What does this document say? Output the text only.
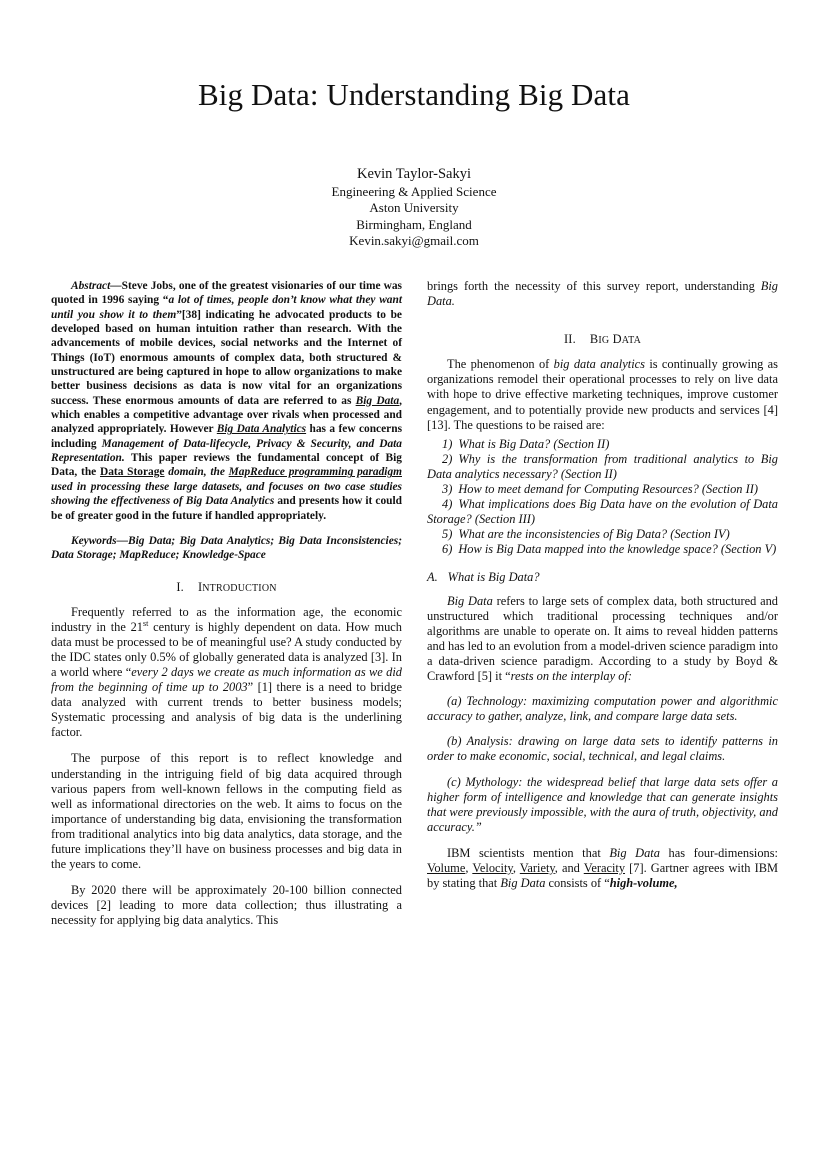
Big Data: Understanding Big Data
Kevin Taylor-Sakyi
Engineering & Applied Science
Aston University
Birmingham, England
Kevin.sakyi@gmail.com

Abstract—Steve Jobs, one of the greatest visionaries of our time was quoted in 1996 saying “a lot of times, people don’t know what they want until you show it to them”[38] indicating he advocated products to be developed based on human intuition rather than research. With the advancements of mobile devices, social networks and the Internet of Things (IoT) enormous amounts of complex data, both structured & unstructured are being captured in hope to allow organizations to make better business decisions as data is now vital for an organizations success. These enormous amounts of data are referred to as Big Data, which enables a competitive advantage over rivals when processed and analyzed appropriately. However Big Data Analytics has a few concerns including Management of Data-lifecycle, Privacy & Security, and Data Representation. This paper reviews the fundamental concept of Big Data, the Data Storage domain, the MapReduce programming paradigm used in processing these large datasets, and focuses on two case studies showing the effectiveness of Big Data Analytics and presents how it could be of greater good in the future if handled appropriately.

Keywords—Big Data; Big Data Analytics; Big Data Inconsistencies; Data Storage; MapReduce; Knowledge-Space

I. INTRODUCTION

Frequently referred to as the information age, the economic industry in the 21st century is highly dependent on data. How much data must be processed to be of meaningful use? A study conducted by the IDC states only 0.5% of globally generated data is analyzed [3]. In a world where “every 2 days we create as much information as we did from the beginning of time up to 2003” [1] there is a need to bridge data analyzed with current trends to better business models; Systematic processing and analysis of big data is the underlining factor.

The purpose of this report is to reflect knowledge and understanding in the intriguing field of big data acquired through various papers from well-known fellows in the computing field as well as informational directories on the web. It aims to focus on the importance of understanding big data, envisioning the transformation from traditional analytics into big data analytics, data storage, and the future implications they’ll have on business processes and big data in the years to come.

By 2020 there will be approximately 20-100 billion connected devices [2] leading to more data collection; thus illustrating a necessity for applying big data analytics. This

brings forth the necessity of this survey report, understanding Big Data.

II. BIG DATA

The phenomenon of big data analytics is continually growing as organizations remodel their operational processes to rely on live data with hope to drive effective marketing techniques, improve customer engagement, and to potentially provide new products and services [4] [13]. The questions to be raised are:

1) What is Big Data? (Section II)

2) Why is the transformation from traditional analytics to Big Data analytics necessary? (Section II)

3) How to meet demand for Computing Resources? (Section II)

4) What implications does Big Data have on the evolution of Data Storage? (Section III)

5) What are the inconsistencies of Big Data? (Section IV)

6) How is Big Data mapped into the knowledge space? (Section V)

A. What is Big Data?

Big Data refers to large sets of complex data, both structured and unstructured which traditional processing techniques and/or algorithms are unable to operate on. It aims to reveal hidden patterns and has led to an evolution from a model-driven science paradigm into a data-driven science paradigm. According to a study by Boyd & Crawford [5] it “rests on the interplay of:

(a) Technology: maximizing computation power and algorithmic accuracy to gather, analyze, link, and compare large data sets.

(b) Analysis: drawing on large data sets to identify patterns in order to make economic, social, technical, and legal claims.

(c) Mythology: the widespread belief that large data sets offer a higher form of intelligence and knowledge that can generate insights that were previously impossible, with the aura of truth, objectivity, and accuracy.”

IBM scientists mention that Big Data has four-dimensions: Volume, Velocity, Variety, and Veracity [7]. Gartner agrees with IBM by stating that Big Data consists of “high-volume,
